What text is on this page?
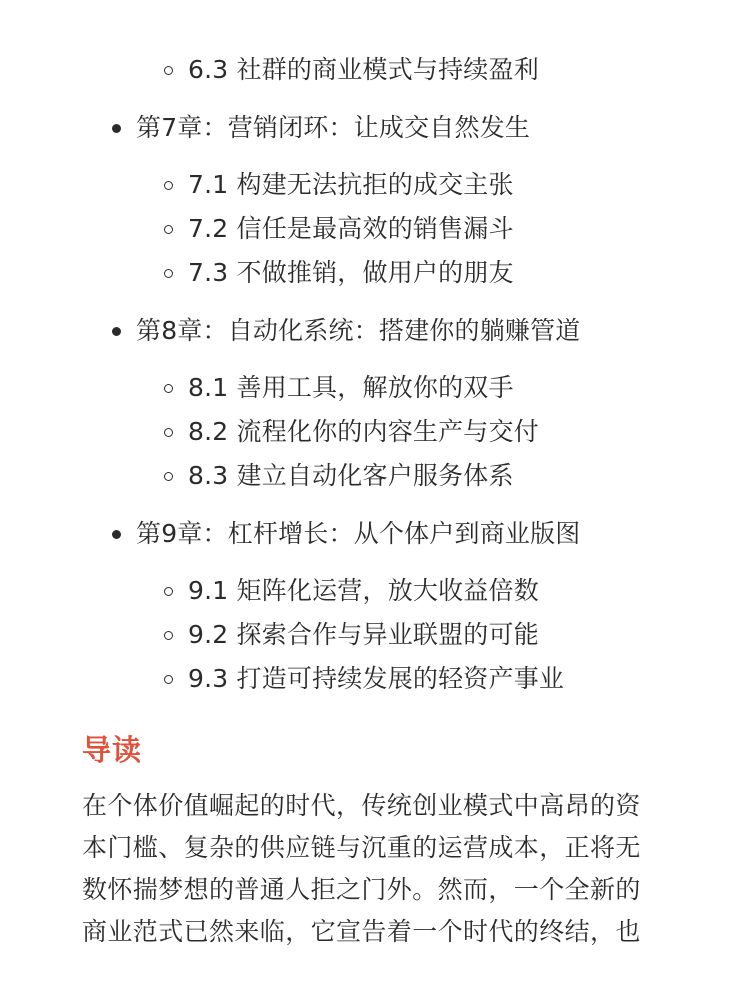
6.3 社群的商业模式与持续盈利
第7章：营销闭环：让成交自然发生
7.1 构建无法抗拒的成交主张
7.2 信任是最高效的销售漏斗
7.3 不做推销，做用户的朋友
第8章：自动化系统：搭建你的躺赚管道
8.1 善用工具，解放你的双手
8.2 流程化你的内容生产与交付
8.3 建立自动化客户服务体系
第9章：杠杆增长：从个体户到商业版图
9.1 矩阵化运营，放大收益倍数
9.2 探索合作与异业联盟的可能
9.3 打造可持续发展的轻资产事业
导读
在个体价值崛起的时代，传统创业模式中高昂的资
本门槛、复杂的供应链与沉重的运营成本，正将无
数怀揣梦想的普通人拒之门外。然而，一个全新的
商业范式已然来临，它宣告着一个时代的终结，也
